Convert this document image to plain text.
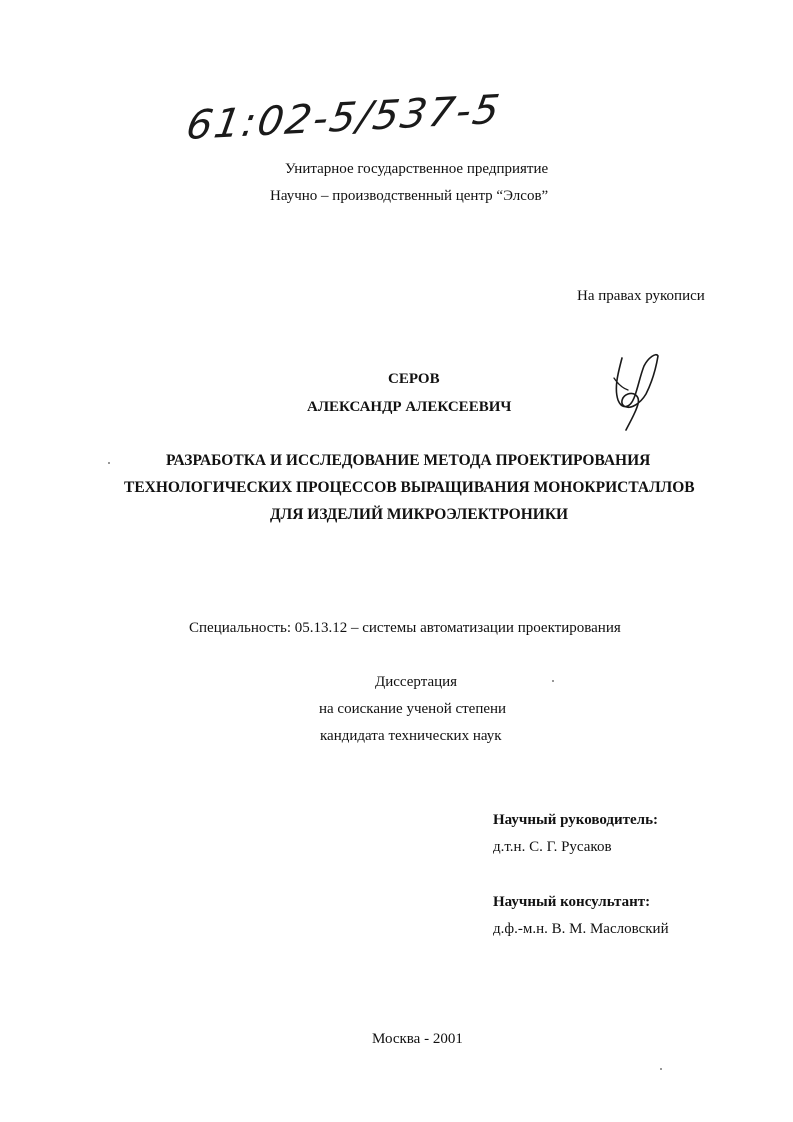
61:02-5/537-5
Унитарное государственное предприятие
Научно – производственный центр “Элсов”
На правах рукописи
СЕРОВ
АЛЕКСАНДР АЛЕКСЕЕВИЧ
РАЗРАБОТКА И ИССЛЕДОВАНИЕ МЕТОДА ПРОЕКТИРОВАНИЯ
ТЕХНОЛОГИЧЕСКИХ ПРОЦЕССОВ ВЫРАЩИВАНИЯ МОНОКРИСТАЛЛОВ
ДЛЯ ИЗДЕЛИЙ МИКРОЭЛЕКТРОНИКИ
Специальность: 05.13.12 – системы автоматизации проектирования
Диссертация
на соискание ученой степени
кандидата технических наук
Научный руководитель:
д.т.н. С. Г. Русаков
Научный консультант:
д.ф.-м.н. В. М. Масловский
Москва - 2001
